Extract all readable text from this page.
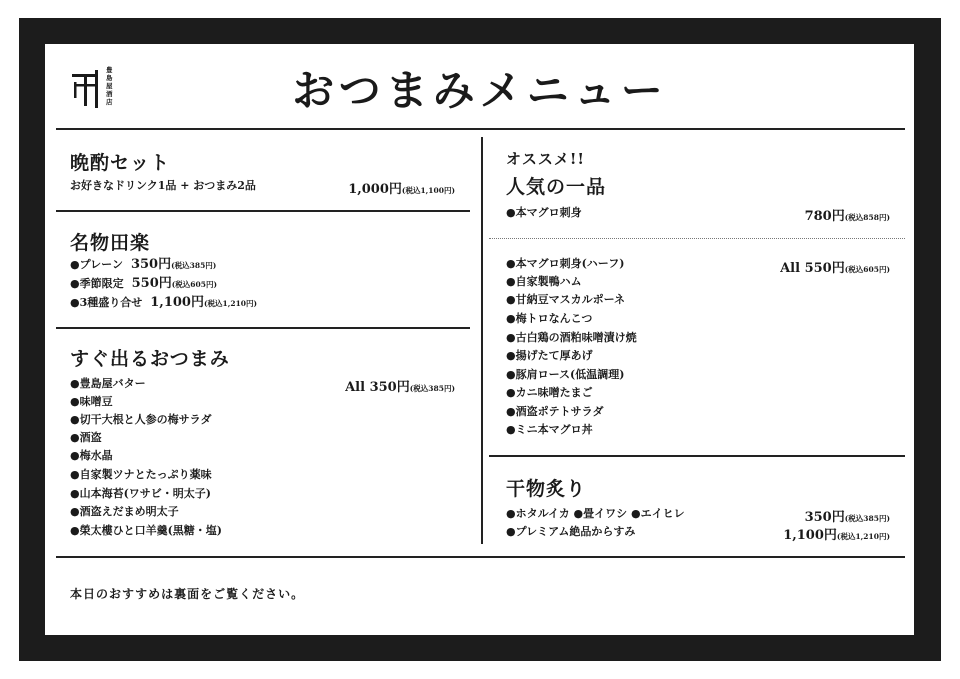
豊島屋酒店	おつまみメニュー
晩酌セット
お好きなドリンク1品 + おつまみ2品	1,000円(税込1,100円)
名物田楽
●プレーン 350円(税込385円)
●季節限定 550円(税込605円)
●3種盛り合せ 1,100円(税込1,210円)
すぐ出るおつまみ
All 350円(税込385円)
●豊島屋バター
●味噌豆
●切干大根と人参の梅サラダ
●酒盗
●梅水晶
●自家製ツナとたっぷり薬味
●山本海苔(ワサビ・明太子)
●酒盗えだまめ明太子
●榮太樓ひと口羊羹(黒糖・塩)
オススメ!!
人気の一品
●本マグロ刺身	780円(税込858円)
All 550円(税込605円)
●本マグロ刺身(ハーフ)
●自家製鴨ハム
●甘納豆マスカルポーネ
●梅トロなんこつ
●古白鶏の酒粕味噌漬け焼
●揚げたて厚あげ
●豚肩ロース(低温調理)
●カニ味噌たまご
●酒盗ポテトサラダ
●ミニ本マグロ丼
干物炙り
●ホタルイカ ●畳イワシ ●エイヒレ	350円(税込385円)
●プレミアム絶品からすみ	1,100円(税込1,210円)
本日のおすすめは裏面をご覧ください。
